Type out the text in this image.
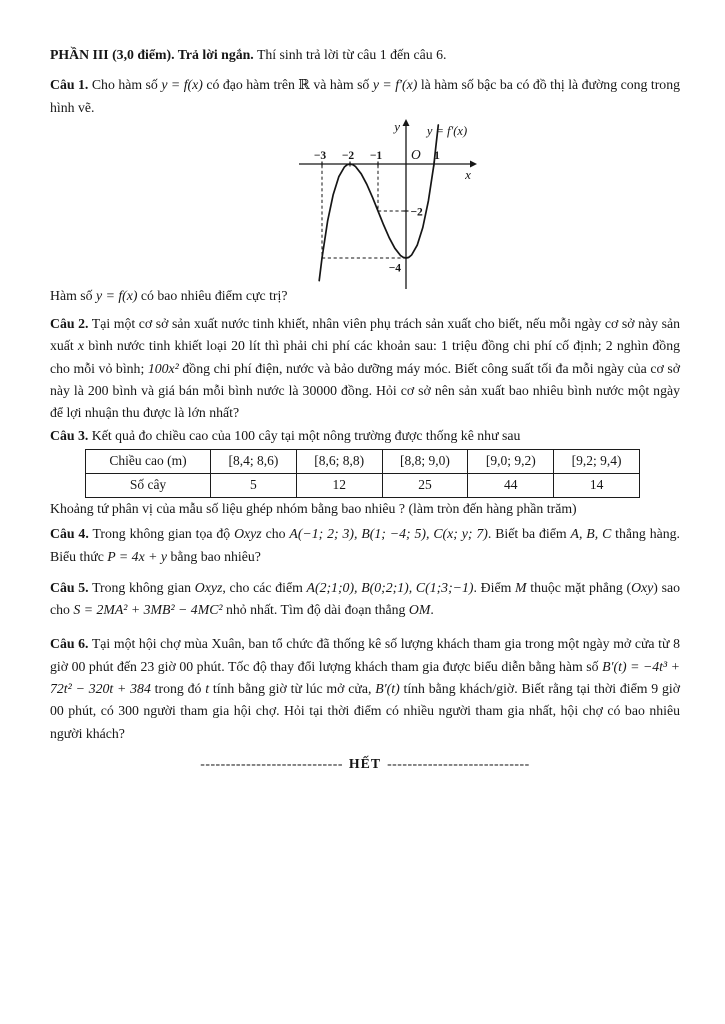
PHẦN III (3,0 điểm). Trả lời ngắn. Thí sinh trả lời từ câu 1 đến câu 6.

Câu 1. Cho hàm số y = f(x) có đạo hàm trên ℝ và hàm số y = f′(x) là hàm số bậc ba có đồ thị là đường cong trong hình vẽ.

y
x
y = f′(x)
O
−3 −2 −1	1
−2
−4

Hàm số y = f(x) có bao nhiêu điểm cực trị?

Câu 2. Tại một cơ sở sản xuất nước tinh khiết, nhân viên phụ trách sản xuất cho biết, nếu mỗi ngày cơ sở này sản xuất x bình nước tinh khiết loại 20 lít thì phải chi phí các khoản sau: 1 triệu đồng chi phí cố định; 2 nghìn đồng cho mỗi vỏ bình; 100x² đồng chi phí điện, nước và bảo dưỡng máy móc. Biết công suất tối đa mỗi ngày của cơ sở này là 200 bình và giá bán mỗi bình nước là 30000 đồng. Hỏi cơ sở nên sản xuất bao nhiêu bình nước một ngày để lợi nhuận thu được là lớn nhất?

Câu 3. Kết quả đo chiều cao của 100 cây tại một nông trường được thống kê như sau

Chiều cao (m)	[8,4; 8,6)	[8,6; 8,8)	[8,8; 9,0)	[9,0; 9,2)	[9,2; 9,4)
Số cây	5	12	25	44	14

Khoảng tứ phân vị của mẫu số liệu ghép nhóm bằng bao nhiêu ? (làm tròn đến hàng phần trăm)

Câu 4. Trong không gian tọa độ Oxyz cho A(−1; 2; 3), B(1; −4; 5), C(x; y; 7). Biết ba điểm A, B, C thẳng hàng. Biểu thức P = 4x + y bằng bao nhiêu?

Câu 5. Trong không gian Oxyz, cho các điểm A(2;1;0), B(0;2;1), C(1;3;−1). Điểm M thuộc mặt phẳng (Oxy) sao cho S = 2MA² + 3MB² − 4MC² nhỏ nhất. Tìm độ dài đoạn thẳng OM.

Câu 6. Tại một hội chợ mùa Xuân, ban tổ chức đã thống kê số lượng khách tham gia trong một ngày mở cửa từ 8 giờ 00 phút đến 23 giờ 00 phút. Tốc độ thay đổi lượng khách tham gia được biểu diễn bằng hàm số B′(t) = −4t³ + 72t² − 320t + 384 trong đó t tính bằng giờ từ lúc mở cửa, B′(t) tính bằng khách/giờ. Biết rằng tại thời điểm 9 giờ 00 phút, có 300 người tham gia hội chợ. Hỏi tại thời điểm có nhiều người tham gia nhất, hội chợ có bao nhiêu người khách?

---------------------------- HẾT ----------------------------
